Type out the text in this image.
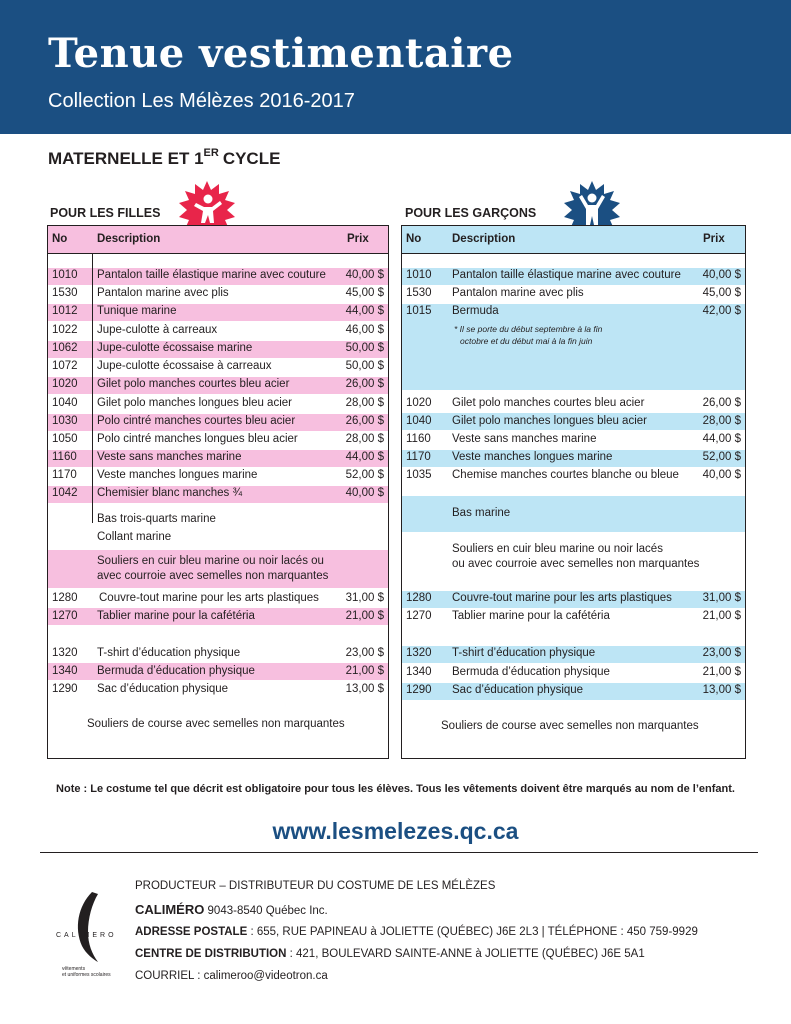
Tenue vestimentaire
Collection Les Mélèzes 2016-2017
MATERNELLE ET 1ER CYCLE
POUR LES FILLES	POUR LES GARÇONS
No	Description	Prix
1010 Pantalon taille élastique marine avec couture 40,00 $
1530 Pantalon marine avec plis	45,00 $
1012 Tunique marine	44,00 $
1022 Jupe-culotte à carreaux	46,00 $
1062 Jupe-culotte écossaise marine	50,00 $
1072 Jupe-culotte écossaise à carreaux	50,00 $
1020 Gilet polo manches courtes bleu acier	26,00 $
1040 Gilet polo manches longues bleu acier	28,00 $
1030 Polo cintré manches courtes bleu acier	26,00 $
1050 Polo cintré manches longues bleu acier	28,00 $
1160 Veste sans manches marine	44,00 $
1170 Veste manches longues marine	52,00 $
1042 Chemisier blanc manches ¾	40,00 $
Bas trois-quarts marine
Collant marine
Souliers en cuir bleu marine ou noir lacés ou
avec courroie avec semelles non marquantes
1280 Couvre-tout marine pour les arts plastiques 31,00 $
1270 Tablier marine pour la cafétéria	21,00 $
1320 T-shirt d’éducation physique	23,00 $
1340 Bermuda d’éducation physique	21,00 $
1290 Sac d’éducation physique	13,00 $
Souliers de course avec semelles non marquantes
No	Description	Prix
1010 Pantalon taille élastique marine avec couture 40,00 $
1530 Pantalon marine avec plis	45,00 $
1015 Bermuda	42,00 $
* Il se porte du début septembre à la fin
octobre et du début mai à la fin juin
1020 Gilet polo manches courtes bleu acier	26,00 $
1040 Gilet polo manches longues bleu acier	28,00 $
1160 Veste sans manches marine	44,00 $
1170 Veste manches longues marine	52,00 $
1035 Chemise manches courtes blanche ou bleue 40,00 $
Bas marine
Souliers en cuir bleu marine ou noir lacés
ou avec courroie avec semelles non marquantes
1280 Couvre-tout marine pour les arts plastiques	31,00 $
1270 Tablier marine pour la cafétéria	21,00 $
1320 T-shirt d’éducation physique	23,00 $
1340 Bermuda d’éducation physique	21,00 $
1290 Sac d’éducation physique	13,00 $
Souliers de course avec semelles non marquantes
Note : Le costume tel que décrit est obligatoire pour tous les élèves. Tous les vêtements doivent être marqués au nom de l’enfant.
www.lesmelezes.qc.ca
CALIMERO
vêtements
et uniformes scolaires
PRODUCTEUR – DISTRIBUTEUR DU COSTUME DE LES MÉLÈZES
CALIMÉRO 9043-8540 Québec Inc.
ADRESSE POSTALE : 655, RUE PAPINEAU à JOLIETTE (QUÉBEC) J6E 2L3 | TÉLÉPHONE : 450 759-9929
CENTRE DE DISTRIBUTION : 421, BOULEVARD SAINTE-ANNE à JOLIETTE (QUÉBEC) J6E 5A1
COURRIEL : calimeroo@videotron.ca
